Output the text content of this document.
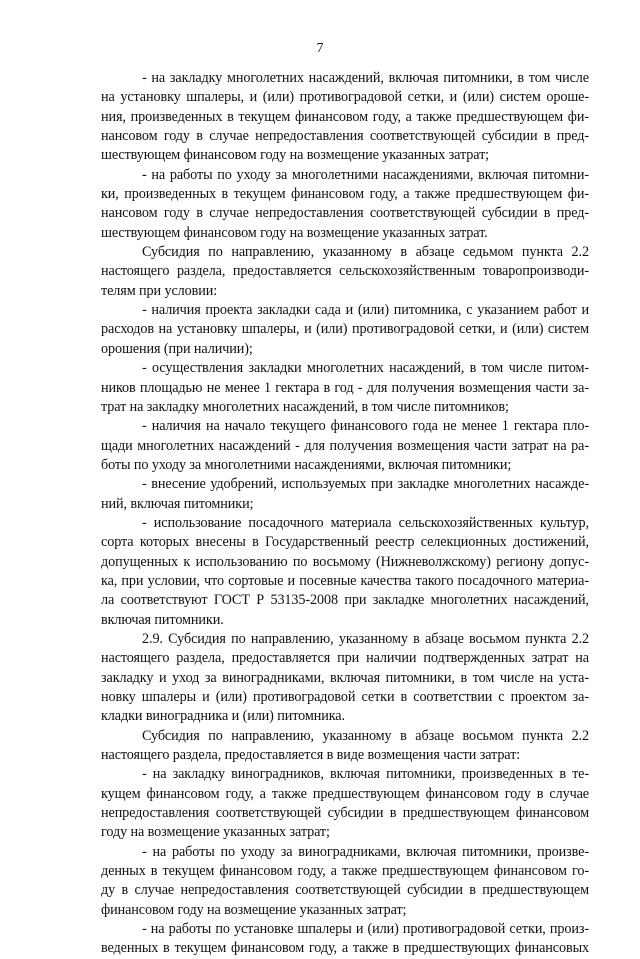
7
- на закладку многолетних насаждений, включая питомники, в том числе
на установку шпалеры, и (или) противоградовой сетки, и (или) систем ороше-
ния, произведенных в текущем финансовом году, а также предшествующем фи-
нансовом году в случае непредоставления соответствующей субсидии в пред-
шествующем финансовом году на возмещение указанных затрат;
- на работы по уходу за многолетними насаждениями, включая питомни-
ки, произведенных в текущем финансовом году, а также предшествующем фи-
нансовом году в случае непредоставления соответствующей субсидии в пред-
шествующем финансовом году на возмещение указанных затрат.
Субсидия по направлению, указанному в абзаце седьмом пункта 2.2
настоящего раздела, предоставляется сельскохозяйственным товаропроизводи-
телям при условии:
- наличия проекта закладки сада и (или) питомника, с указанием работ и
расходов на установку шпалеры, и (или) противоградовой сетки, и (или) систем
орошения (при наличии);
- осуществления закладки многолетних насаждений, в том числе питом-
ников площадью не менее 1 гектара в год - для получения возмещения части за-
трат на закладку многолетних насаждений, в том числе питомников;
- наличия на начало текущего финансового года не менее 1 гектара пло-
щади многолетних насаждений - для получения возмещения части затрат на ра-
боты по уходу за многолетними насаждениями, включая питомники;
- внесение удобрений, используемых при закладке многолетних насажде-
ний, включая питомники;
- использование посадочного материала сельскохозяйственных культур,
сорта которых внесены в Государственный реестр селекционных достижений,
допущенных к использованию по восьмому (Нижневолжскому) региону допус-
ка, при условии, что сортовые и посевные качества такого посадочного материа-
ла соответствуют ГОСТ Р 53135-2008 при закладке многолетних насаждений,
включая питомники.
2.9. Субсидия по направлению, указанному в абзаце восьмом пункта 2.2
настоящего раздела, предоставляется при наличии подтвержденных затрат на
закладку и уход за виноградниками, включая питомники, в том числе на уста-
новку шпалеры и (или) противоградовой сетки в соответствии с проектом за-
кладки виноградника и (или) питомника.
Субсидия по направлению, указанному в абзаце восьмом пункта 2.2
настоящего раздела, предоставляется в виде возмещения части затрат:
- на закладку виноградников, включая питомники, произведенных в те-
кущем финансовом году, а также предшествующем финансовом году в случае
непредоставления соответствующей субсидии в предшествующем финансовом
году на возмещение указанных затрат;
- на работы по уходу за виноградниками, включая питомники, произве-
денных в текущем финансовом году, а также предшествующем финансовом го-
ду в случае непредоставления соответствующей субсидии в предшествующем
финансовом году на возмещение указанных затрат;
- на работы по установке шпалеры и (или) противоградовой сетки, произ-
веденных в текущем финансовом году, а также в предшествующих финансовых
